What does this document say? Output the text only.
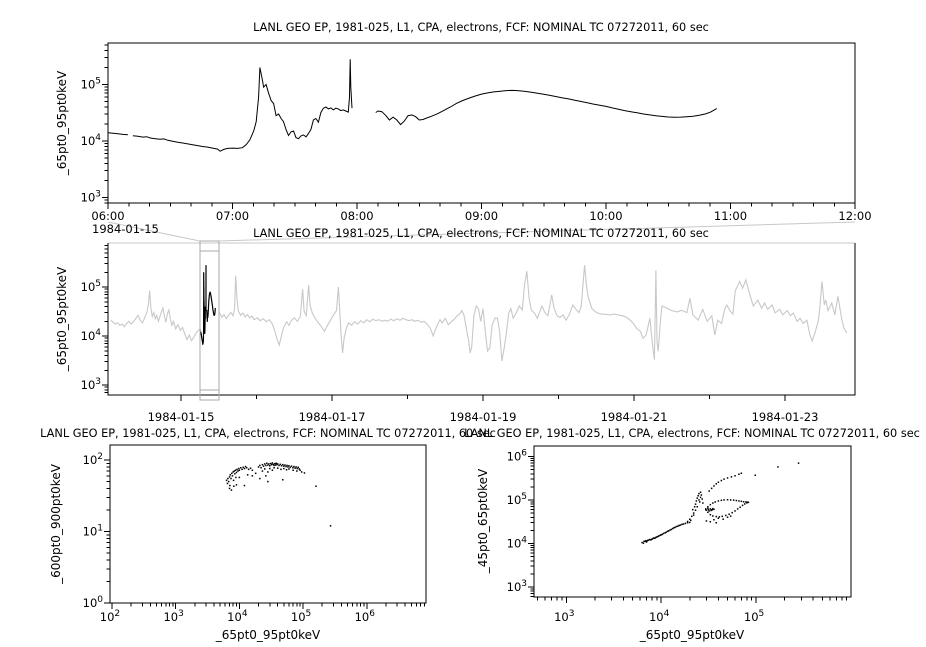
LANL GEO EP, 1981-025, L1, CPA, electrons, FCF: NOMINAL TC 07272011, 60 sec
LANL GEO EP, 1981-025, L1, CPA, electrons, FCF: NOMINAL TC 07272011, 60 sec
LANL GEO EP, 1981-025, L1, CPA, electrons, FCF: NOMINAL TC 07272011, 60 sec
LANL GEO EP, 1981-025, L1, CPA, electrons, FCF: NOMINAL TC 07272011, 60 sec
_65pt0_95pt0keV
_65pt0_95pt0keV
_600pt0_900pt0keV	_45pt0_65pt0keV
_65pt0_95pt0keV	_65pt0_95pt0keV
1984-01-15
06:00	07:00	08:00	09:00	10:00	11:00	12:00
$10^3$
$10^4$
$10^5$
1984-01-15	1984-01-17	1984-01-19	1984-01-21	1984-01-23
$10^3$
$10^4$
$10^5$
$10^2$	$10^3$	$10^4$	$10^5$	$10^6$
$10^0$
$10^1$
$10^2$
$10^3$	$10^4$	$10^5$
$10^3$
$10^4$
$10^5$
$10^6$
